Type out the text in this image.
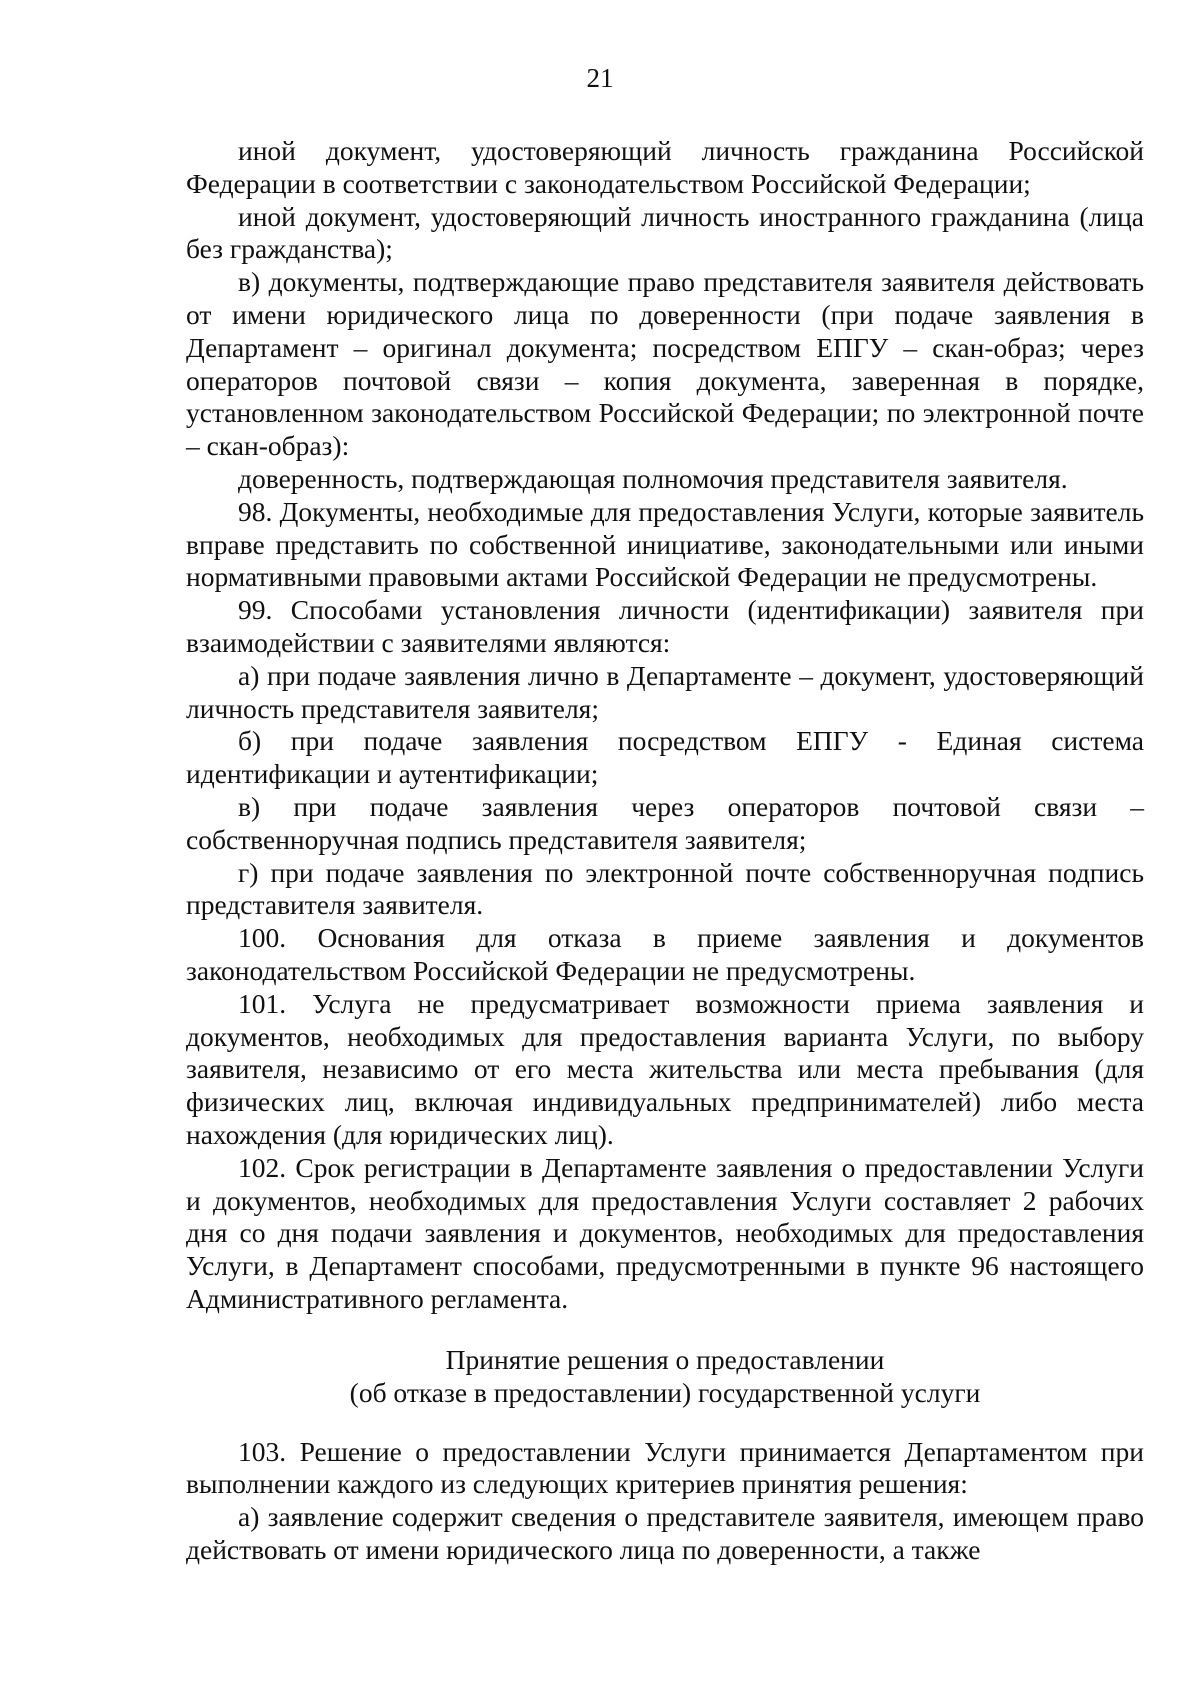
21

иной документ, удостоверяющий личность гражданина Российской Федерации в соответствии с законодательством Российской Федерации;

иной документ, удостоверяющий личность иностранного гражданина (лица без гражданства);

в) документы, подтверждающие право представителя заявителя действовать от имени юридического лица по доверенности (при подаче заявления в Департамент – оригинал документа; посредством ЕПГУ – скан-образ; через операторов почтовой связи – копия документа, заверенная в порядке, установленном законодательством Российской Федерации; по электронной почте – скан-образ):

доверенность, подтверждающая полномочия представителя заявителя.

98. Документы, необходимые для предоставления Услуги, которые заявитель вправе представить по собственной инициативе, законодательными или иными нормативными правовыми актами Российской Федерации не предусмотрены.

99. Способами установления личности (идентификации) заявителя при взаимодействии с заявителями являются:

а) при подаче заявления лично в Департаменте – документ, удостоверяющий личность представителя заявителя;

б) при подаче заявления посредством ЕПГУ - Единая система идентификации и аутентификации;

в) при подаче заявления через операторов почтовой связи – собственноручная подпись представителя заявителя;

г) при подаче заявления по электронной почте собственноручная подпись представителя заявителя.

100. Основания для отказа в приеме заявления и документов законодательством Российской Федерации не предусмотрены.

101. Услуга не предусматривает возможности приема заявления и документов, необходимых для предоставления варианта Услуги, по выбору заявителя, независимо от его места жительства или места пребывания (для физических лиц, включая индивидуальных предпринимателей) либо места нахождения (для юридических лиц).

102. Срок регистрации в Департаменте заявления о предоставлении Услуги и документов, необходимых для предоставления Услуги составляет 2 рабочих дня со дня подачи заявления и документов, необходимых для предоставления Услуги, в Департамент способами, предусмотренными в пункте 96 настоящего Административного регламента.

Принятие решения о предоставлении
(об отказе в предоставлении) государственной услуги

103. Решение о предоставлении Услуги принимается Департаментом при выполнении каждого из следующих критериев принятия решения:

а) заявление содержит сведения о представителе заявителя, имеющем право действовать от имени юридического лица по доверенности, а также
